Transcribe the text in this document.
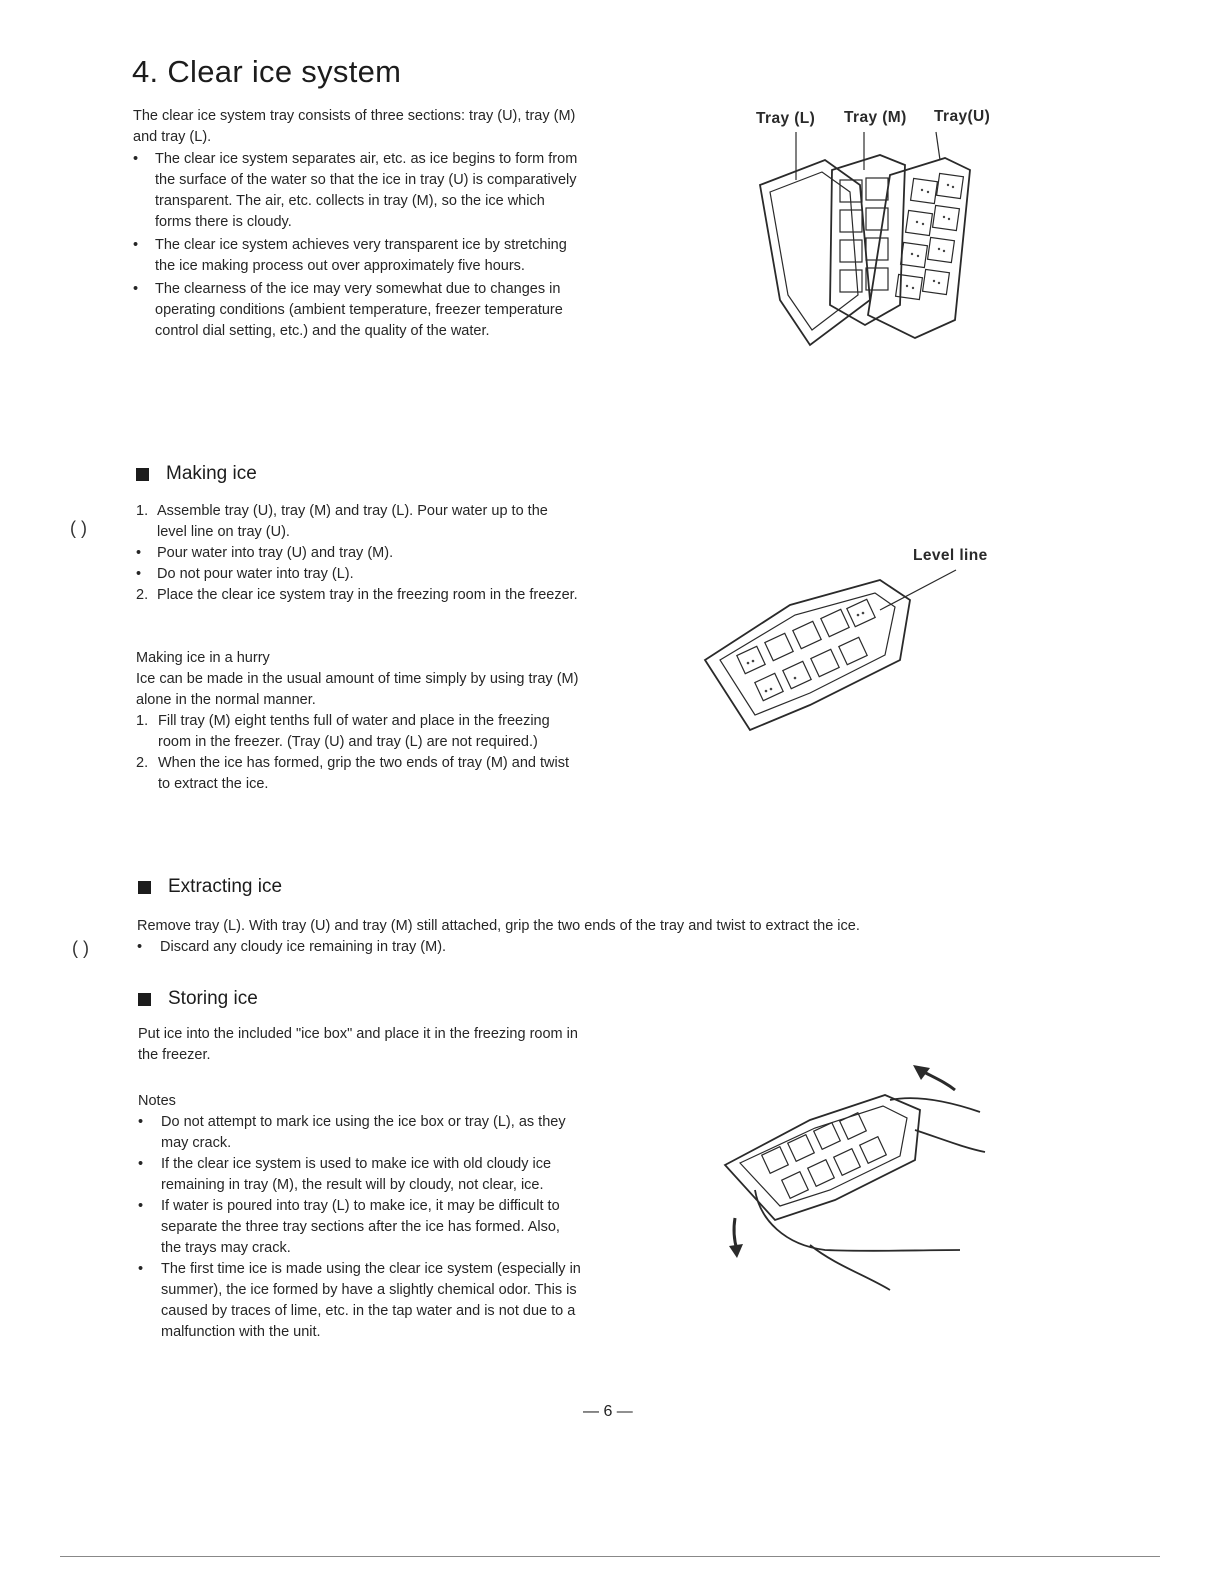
4. Clear ice system

The clear ice system tray consists of three sections: tray (U), tray (M) and tray (L).

• The clear ice system separates air, etc. as ice begins to form from the surface of the water so that the ice in tray (U) is comparatively transparent. The air, etc. collects in tray (M), so the ice which forms there is cloudy.
• The clear ice system achieves very transparent ice by stretching the ice making process out over approximately five hours.
• The clearness of the ice may very somewhat due to changes in operating conditions (ambient temperature, freezer temperature control dial setting, etc.) and the quality of the water.
Tray (L) Tray (M) Tray(U)
Making ice
1. Assemble tray (U), tray (M) and tray (L). Pour water up to the level line on tray (U).
• Pour water into tray (U) and tray (M).
• Do not pour water into tray (L).
2. Place the clear ice system tray in the freezing room in the freezer.

Making ice in a hurry

Ice can be made in the usual amount of time simply by using tray (M) alone in the normal manner.

1. Fill tray (M) eight tenths full of water and place in the freezing room in the freezer. (Tray (U) and tray (L) are not required.)
2. When the ice has formed, grip the two ends of tray (M) and twist to extract the ice.
Level line
Extracting ice

Remove tray (L). With tray (U) and tray (M) still attached, grip the two ends of the tray and twist to extract the ice.

• Discard any cloudy ice remaining in tray (M).
Storing ice

Put ice into the included "ice box" and place it in the freezing room in the freezer.

Notes

• Do not attempt to mark ice using the ice box or tray (L), as they may crack.
• If the clear ice system is used to make ice with old cloudy ice remaining in tray (M), the result will by cloudy, not clear, ice.
• If water is poured into tray (L) to make ice, it may be difficult to separate the three tray sections after the ice has formed. Also, the trays may crack.
• The first time ice is made using the clear ice system (especially in summer), the ice formed by have a slightly chemical odor. This is caused by traces of lime, etc. in the tap water and is not due to a malfunction with the unit.
— 6 —
( )
( )
